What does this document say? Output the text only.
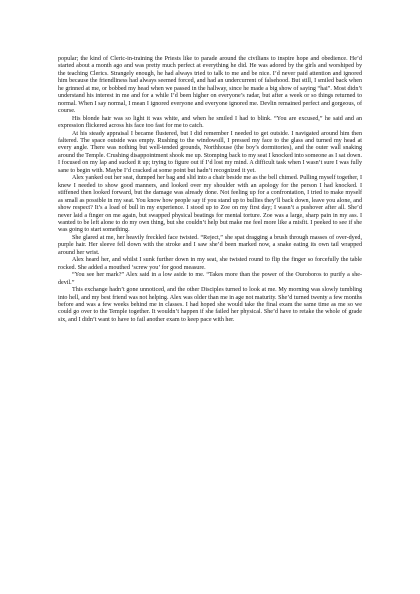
popular; the kind of Cleric-in-training the Priests like to parade around the civilians to inspire hope and obedience. He’d started about a month ago and was pretty much perfect at everything he did. He was adored by the girls and worshiped by the teaching Clerics. Strangely enough, he had always tried to talk to me and be nice. I’d never paid attention and ignored him because the friendliness had always seemed forced, and had an undercurrent of falsehood. But still, I smiled back when he grinned at me, or bobbed my head when we passed in the hallway, since he made a big show of saying “hai”. Most didn’t understand his interest in me and for a while I’d been higher on everyone’s radar, but after a week or so things returned to normal. When I say normal, I mean I ignored everyone and everyone ignored me. Devlin remained perfect and gorgeous, of course.

His blonde hair was so light it was white, and when he smiled I had to blink. “You are excused,” he said and an expression flickered across his face too fast for me to catch.

At his steady appraisal I became flustered, but I did remember I needed to get outside. I navigated around him then faltered. The space outside was empty. Rushing to the windowsill, I pressed my face to the glass and turned my head at every angle. There was nothing but well-tended grounds, Northhouse (the boy’s dormitories), and the outer wall snaking around the Temple. Crushing disappointment shook me up. Stomping back to my seat I knocked into someone as I sat down. I focused on my lap and sucked it up; trying to figure out if I’d lost my mind. A difficult task when I wasn’t sure I was fully sane to begin with. Maybe I’d cracked at some point but hadn’t recognized it yet.

Alex yanked out her seat, dumped her bag and slid into a chair beside me as the bell chimed. Pulling myself together, I knew I needed to show good manners, and looked over my shoulder with an apology for the person I had knocked. I stiffened then looked forward, but the damage was already done. Not feeling up for a confrontation, I tried to make myself as small as possible in my seat. You know how people say if you stand up to bullies they’ll back down, leave you alone, and show respect? It’s a load of bull in my experience. I stood up to Zoe on my first day; I wasn’t a pushover after all. She’d never laid a finger on me again, but swapped physical beatings for mental torture. Zoe was a large, sharp pain in my ass. I wanted to be left alone to do my own thing, but she couldn’t help but make me feel more like a misfit. I peeked to see if she was going to start something.

She glared at me, her heavily freckled face twisted. “Reject,” she spat dragging a brush through masses of over-dyed, purple hair. Her sleeve fell down with the stroke and I saw she’d been marked now, a snake eating its own tail wrapped around her wrist.

Alex heard her, and whilst I sunk further down in my seat, she twisted round to flip the finger so forcefully the table rocked. She added a mouthed ‘screw you’ for good measure.

“You see her mark?” Alex said in a low aside to me. “Takes more than the power of the Ouroboros to purify a she-devil.”

This exchange hadn’t gone unnoticed, and the other Disciples turned to look at me. My morning was slowly tumbling into hell, and my best friend was not helping. Alex was older than me in age not maturity. She’d turned twenty a few months before and was a few weeks behind me in classes. I had hoped she would take the final exam the same time as me so we could go over to the Temple together. It wouldn’t happen if she failed her physical. She’d have to retake the whole of grade six, and I didn’t want to have to fail another exam to keep pace with her.
